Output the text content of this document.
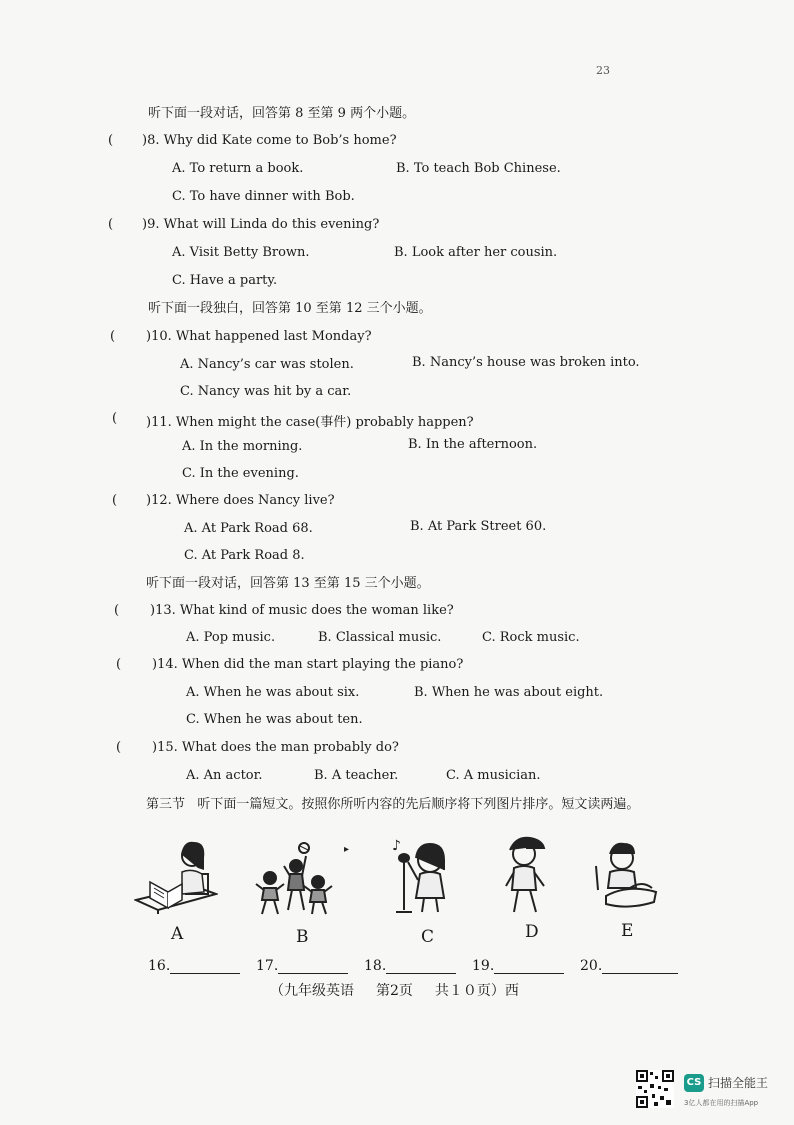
23
听下面一段对话，回答第 8 至第 9 两个小题。
( )8. Why did Kate come to Bob’s home?
A. To return a book.	B. To teach Bob Chinese.
C. To have dinner with Bob.
( )9. What will Linda do this evening?
A. Visit Betty Brown.	B. Look after her cousin.
C. Have a party.
听下面一段独白，回答第 10 至第 12 三个小题。
( )10. What happened last Monday?
A. Nancy’s car was stolen.	B. Nancy’s house was broken into.
C. Nancy was hit by a car.
( )11. When might the case(事件) probably happen?
A. In the morning.	B. In the afternoon.
C. In the evening.
( )12. Where does Nancy live?
A. At Park Road 68.	B. At Park Street 60.
C. At Park Road 8.
听下面一段对话，回答第 13 至第 15 三个小题。
( )13. What kind of music does the woman like?
A. Pop music.	B. Classical music.	C. Rock music.
( )14. When did the man start playing the piano?
A. When he was about six.	B. When he was about eight.
C. When he was about ten.
( )15. What does the man probably do?
A. An actor.	B. A teacher.	C. A musician.
第三节 听下面一篇短文。按照你所听内容的先后顺序将下列图片排序。短文读两遍。
▸	♪
A	B	C	D	E
16.	17.	18.	19.	20.
（九年级英语 第2页 共１０页）西
CS 扫描全能王
3亿人都在用的扫描App
